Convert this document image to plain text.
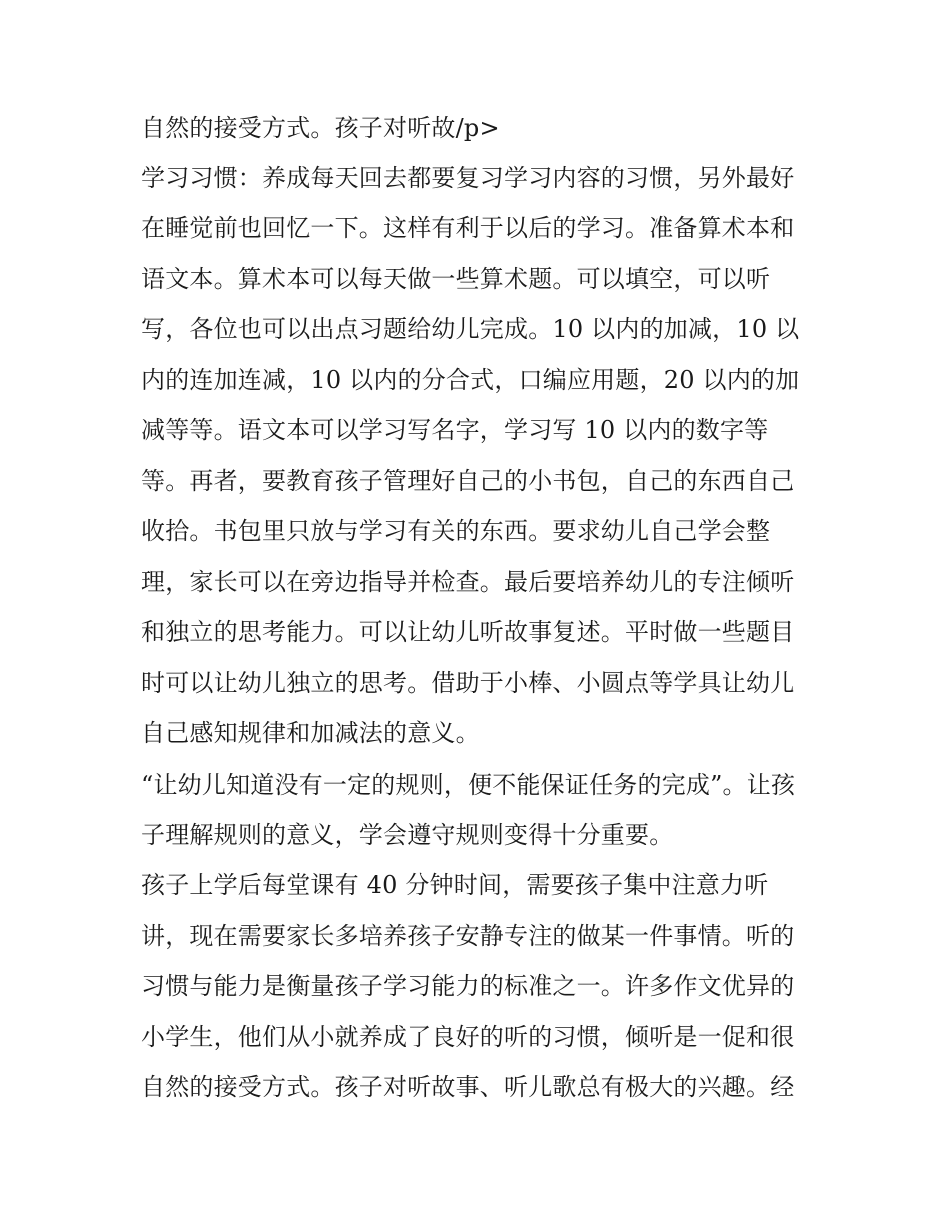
自然的接受方式。孩子对听故/p>
学习习惯：养成每天回去都要复习学习内容的习惯，另外最好
在睡觉前也回忆一下。这样有利于以后的学习。准备算术本和
语文本。算术本可以每天做一些算术题。可以填空，可以听
写，各位也可以出点习题给幼儿完成。10 以内的加减，10 以
内的连加连减，10 以内的分合式，口编应用题，20 以内的加
减等等。语文本可以学习写名字，学习写 10 以内的数字等
等。再者，要教育孩子管理好自己的小书包，自己的东西自己
收拾。书包里只放与学习有关的东西。要求幼儿自己学会整
理，家长可以在旁边指导并检查。最后要培养幼儿的专注倾听
和独立的思考能力。可以让幼儿听故事复述。平时做一些题目
时可以让幼儿独立的思考。借助于小棒、小圆点等学具让幼儿
自己感知规律和加减法的意义。
“让幼儿知道没有一定的规则，便不能保证任务的完成”。让孩
子理解规则的意义，学会遵守规则变得十分重要。
孩子上学后每堂课有 40 分钟时间，需要孩子集中注意力听
讲，现在需要家长多培养孩子安静专注的做某一件事情。听的
习惯与能力是衡量孩子学习能力的标准之一。许多作文优异的
小学生，他们从小就养成了良好的听的习惯，倾听是一促和很
自然的接受方式。孩子对听故事、听儿歌总有极大的兴趣。经
